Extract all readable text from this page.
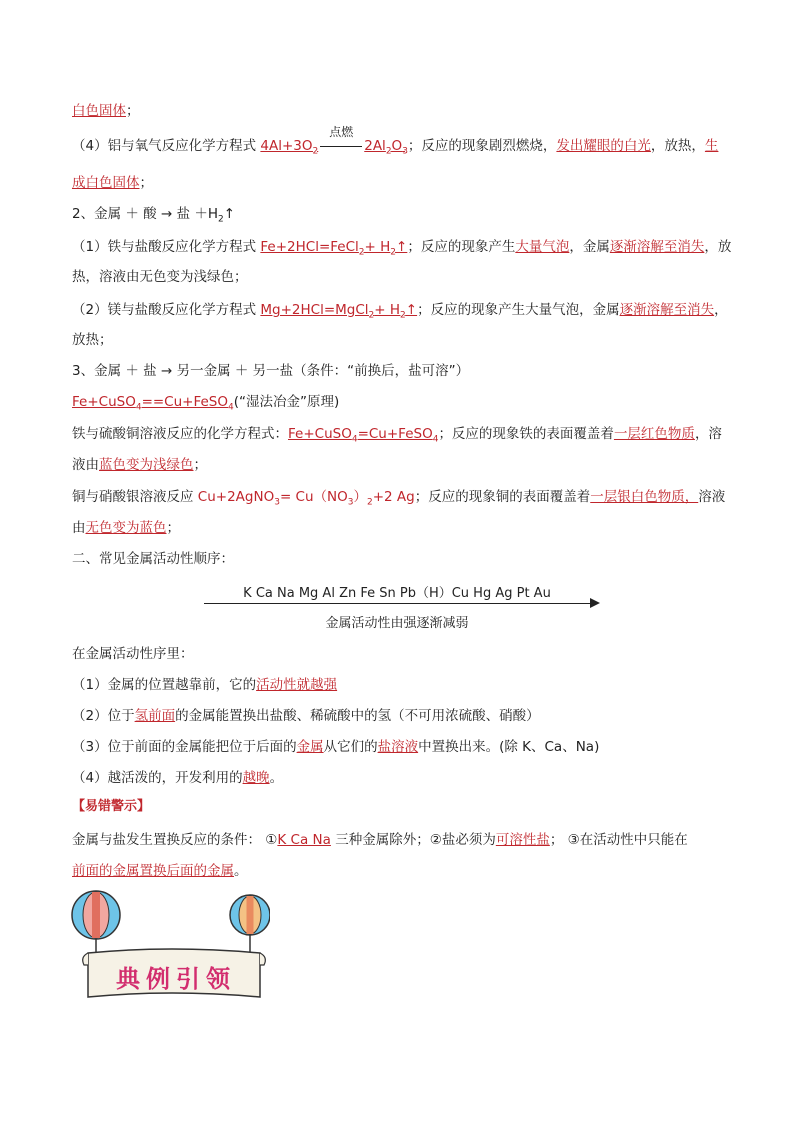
白色固体；
（4）铝与氧气反应化学方程式 $4Al+3O_2$
点燃
$2Al_2O_3$；反应的现象剧烈燃烧，发出耀眼的白光，放热，生
成白色固体；
2、金属 ＋ 酸 → 盐 $+H_2↑$
（1）铁与盐酸反应化学方程式 Fe+2HCl=FeCl$_2$+ $H_2↑$；反应的现象产生大量气泡，金属逐渐溶解至消失，放
热，溶液由无色变为浅绿色；
（2）镁与盐酸反应化学方程式 Mg+2HCl=MgCl$_2$+ $H_2↑$；反应的现象产生大量气泡，金属逐渐溶解至消失，
放热；
3、金属 ＋ 盐 → 另一金属 ＋ 另一盐（条件：“前换后，盐可溶”）
Fe+CuSO$_4$==Cu+FeSO$_4$(“湿法冶金”原理)
铁与硫酸铜溶液反应的化学方程式：Fe+CuSO$_4$=Cu+FeSO$_4$；反应的现象铁的表面覆盖着一层红色物质，溶
液由蓝色变为浅绿色；
铜与硝酸银溶液反应 Cu+2AgNO$_3$= $Cu(NO_3)_2+2$ Ag；反应的现象铜的表面覆盖着一层银白色物质，溶液
由无色变为蓝色；
二、常见金属活动性顺序：
K Ca Na Mg Al Zn Fe Sn Pb（H）Cu Hg Ag Pt Au
金属活动性由强逐渐减弱
在金属活动性序里：
（1）金属的位置越靠前，它的活动性就越强
（2）位于氢前面的金属能置换出盐酸、稀硫酸中的氢（不可用浓硫酸、硝酸）
（3）位于前面的金属能把位于后面的金属从它们的盐溶液中置换出来。(除 K、Ca、Na)
（4）越活泼的，开发利用的越晚。
【易错警示】
金属与盐发生置换反应的条件： ①K Ca Na 三种金属除外；②盐必须为可溶性盐； ③在活动性中只能在
前面的金属置换后面的金属。
典例引领
